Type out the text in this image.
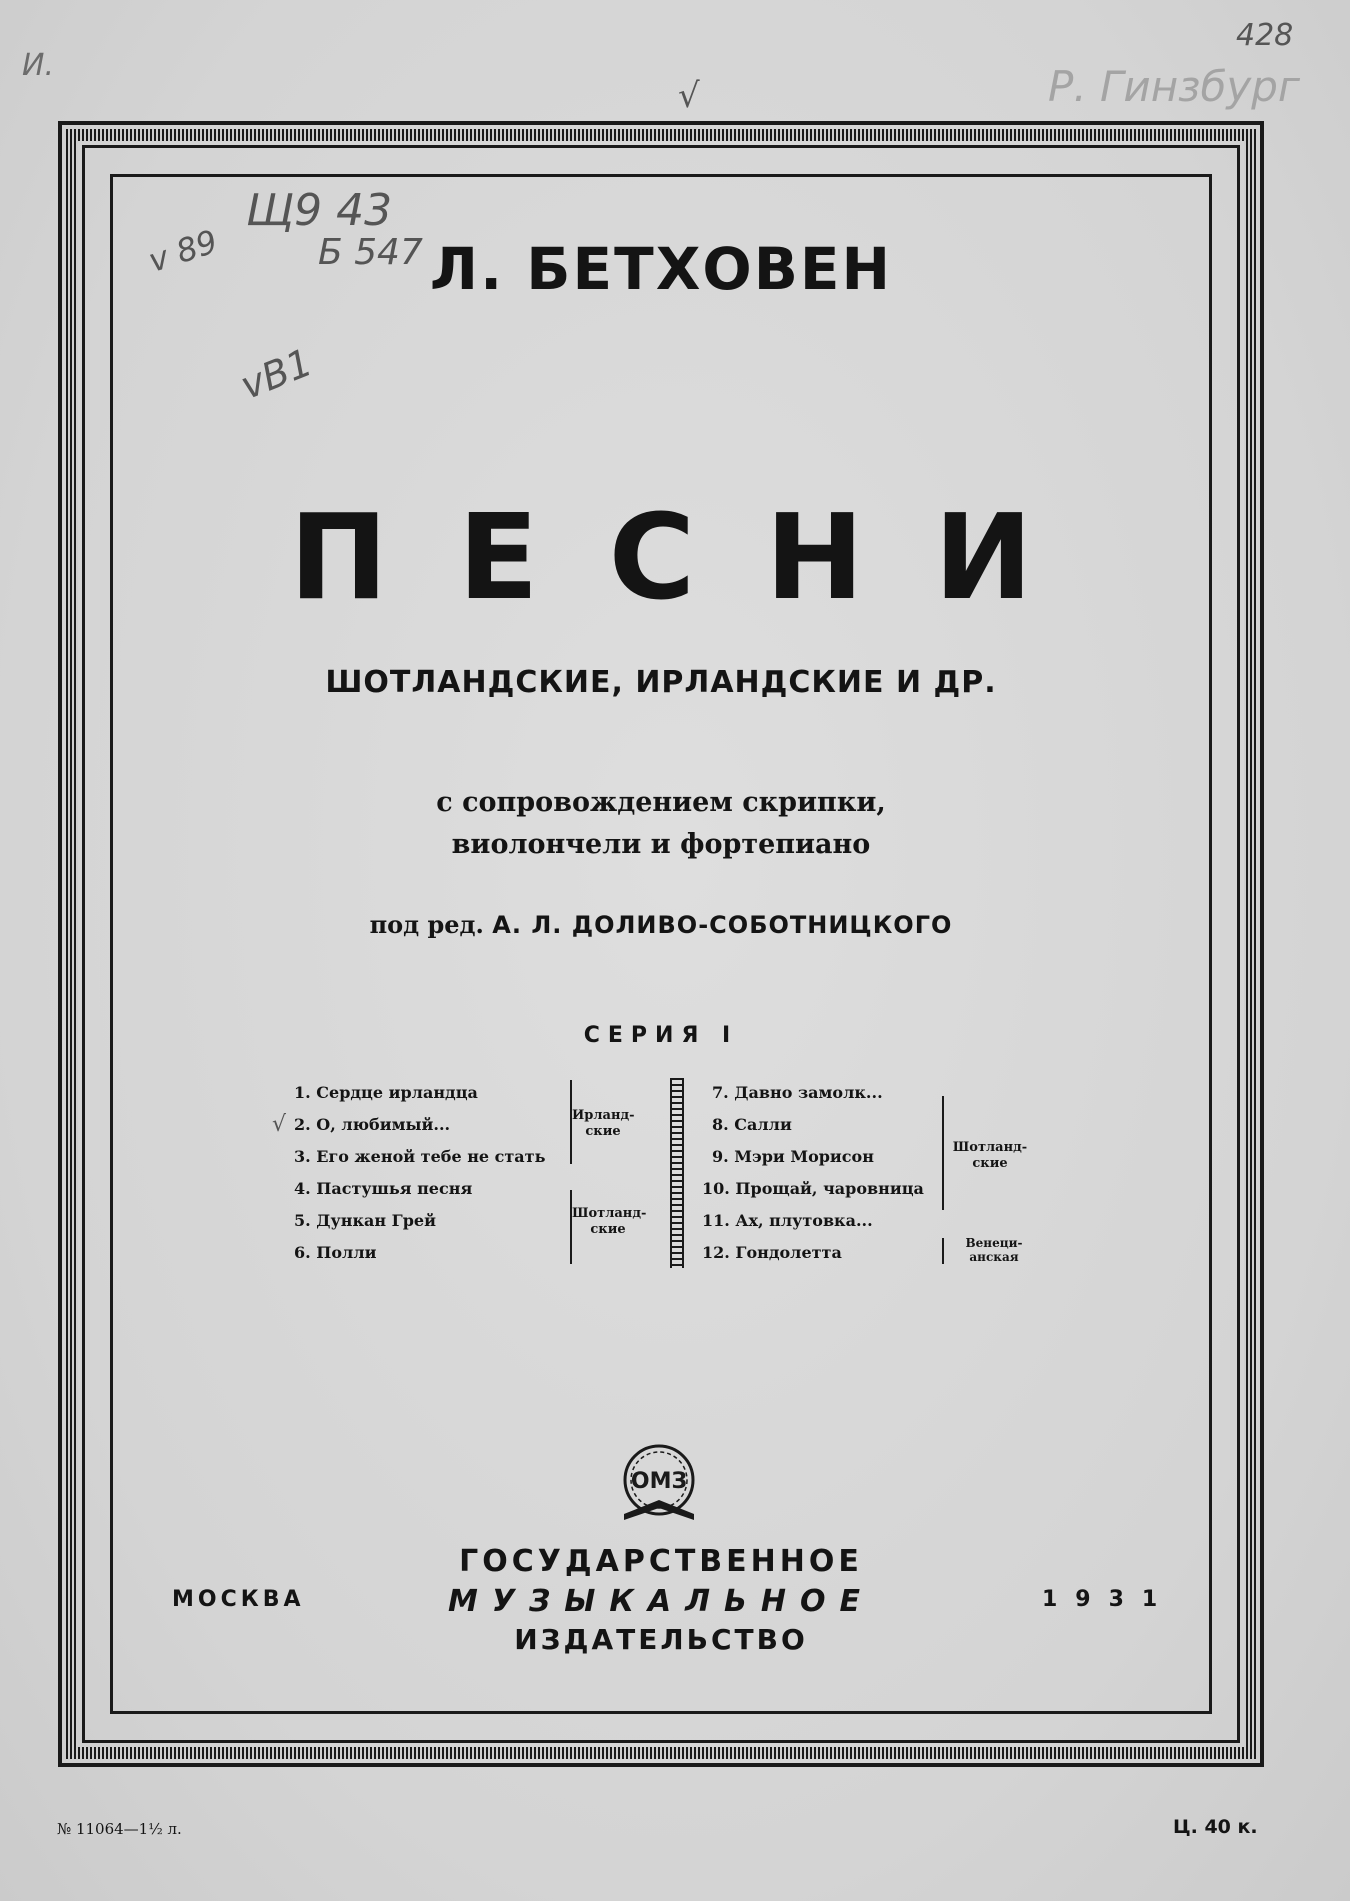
И.
428
Р. Гинзбург
√
Щ9 43
Б 547
v 89
vB1
Л. БЕТХОВЕН
ПЕСНИ
ШОТЛАНДСКИЕ, ИРЛАНДСКИЕ И ДР.
с сопровождением скрипки,
виолончели и фортепиано
под ред. А. Л. ДОЛИВО-СОБОТНИЦКОГО
СЕРИЯ I
1. Сердце ирландца
2. О, любимый...
3. Его женой тебе не стать
4. Пастушья песня
5. Дункан Грей
6. Полли
√	Ирланд-
ские
Шотланд-
ские
7. Давно замолк...
8. Салли
9. Мэри Морисон
10. Прощай, чаровница
11. Ах, плутовка...
12. Гондолетта
Шотланд-
ские
Венеци-
анская
ОМЗ
ГОСУДАРСТВЕННОЕ
МУЗЫКАЛЬНОЕ
ИЗДАТЕЛЬСТВО
МОСКВА	1931
№ 11064—1½ л.	Ц. 40 к.
